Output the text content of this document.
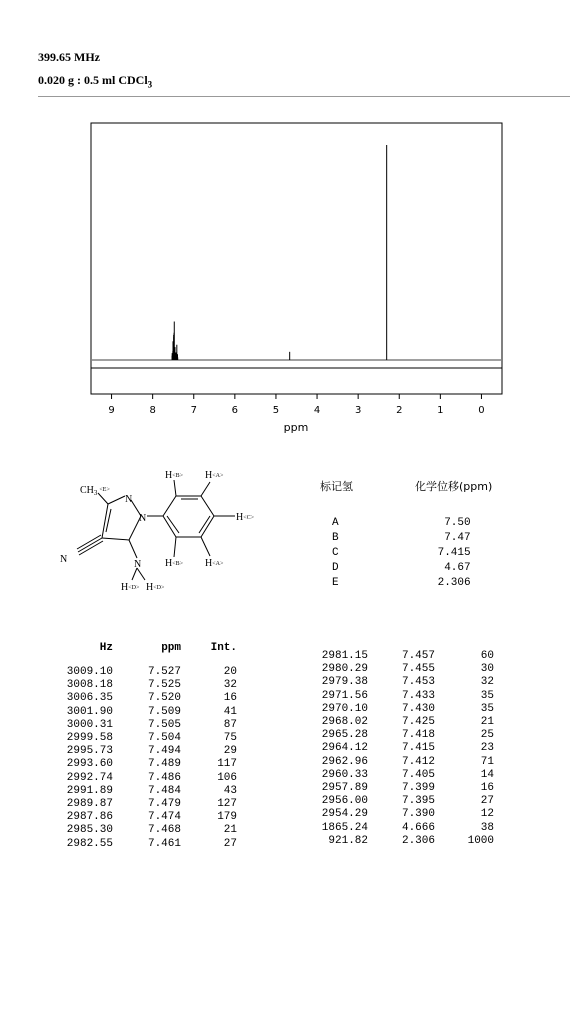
399.65 MHz
0.020 g : 0.5 ml CDCl$_3$
9	8	7	6	5	4	3	2	1	0
ppm
$CH_3$ $^{<E>}$
N
N
N	N
H<B> H<A>
H<C>
H<B> H<A>
H<D> H<D>
标记氢	化学位移(ppm)
A	7.50
B	7.47
C	7.415
D	4.67
E	2.306
Hz	ppm	Int.
3009.10	7.527	20
3008.18	7.525	32
3006.35	7.520	16
3001.90	7.509	41
3000.31	7.505	87
2999.58	7.504	75
2995.73	7.494	29
2993.60	7.489	117
2992.74	7.486	106
2991.89	7.484	43
2989.87	7.479	127
2987.86	7.474	179
2985.30	7.468	21
2982.55	7.461	27
2981.15	7.457	60
2980.29	7.455	30
2979.38	7.453	32
2971.56	7.433	35
2970.10	7.430	35
2968.02	7.425	21
2965.28	7.418	25
2964.12	7.415	23
2962.96	7.412	71
2960.33	7.405	14
2957.89	7.399	16
2956.00	7.395	27
2954.29	7.390	12
1865.24	4.666	38
921.82	2.306	1000
